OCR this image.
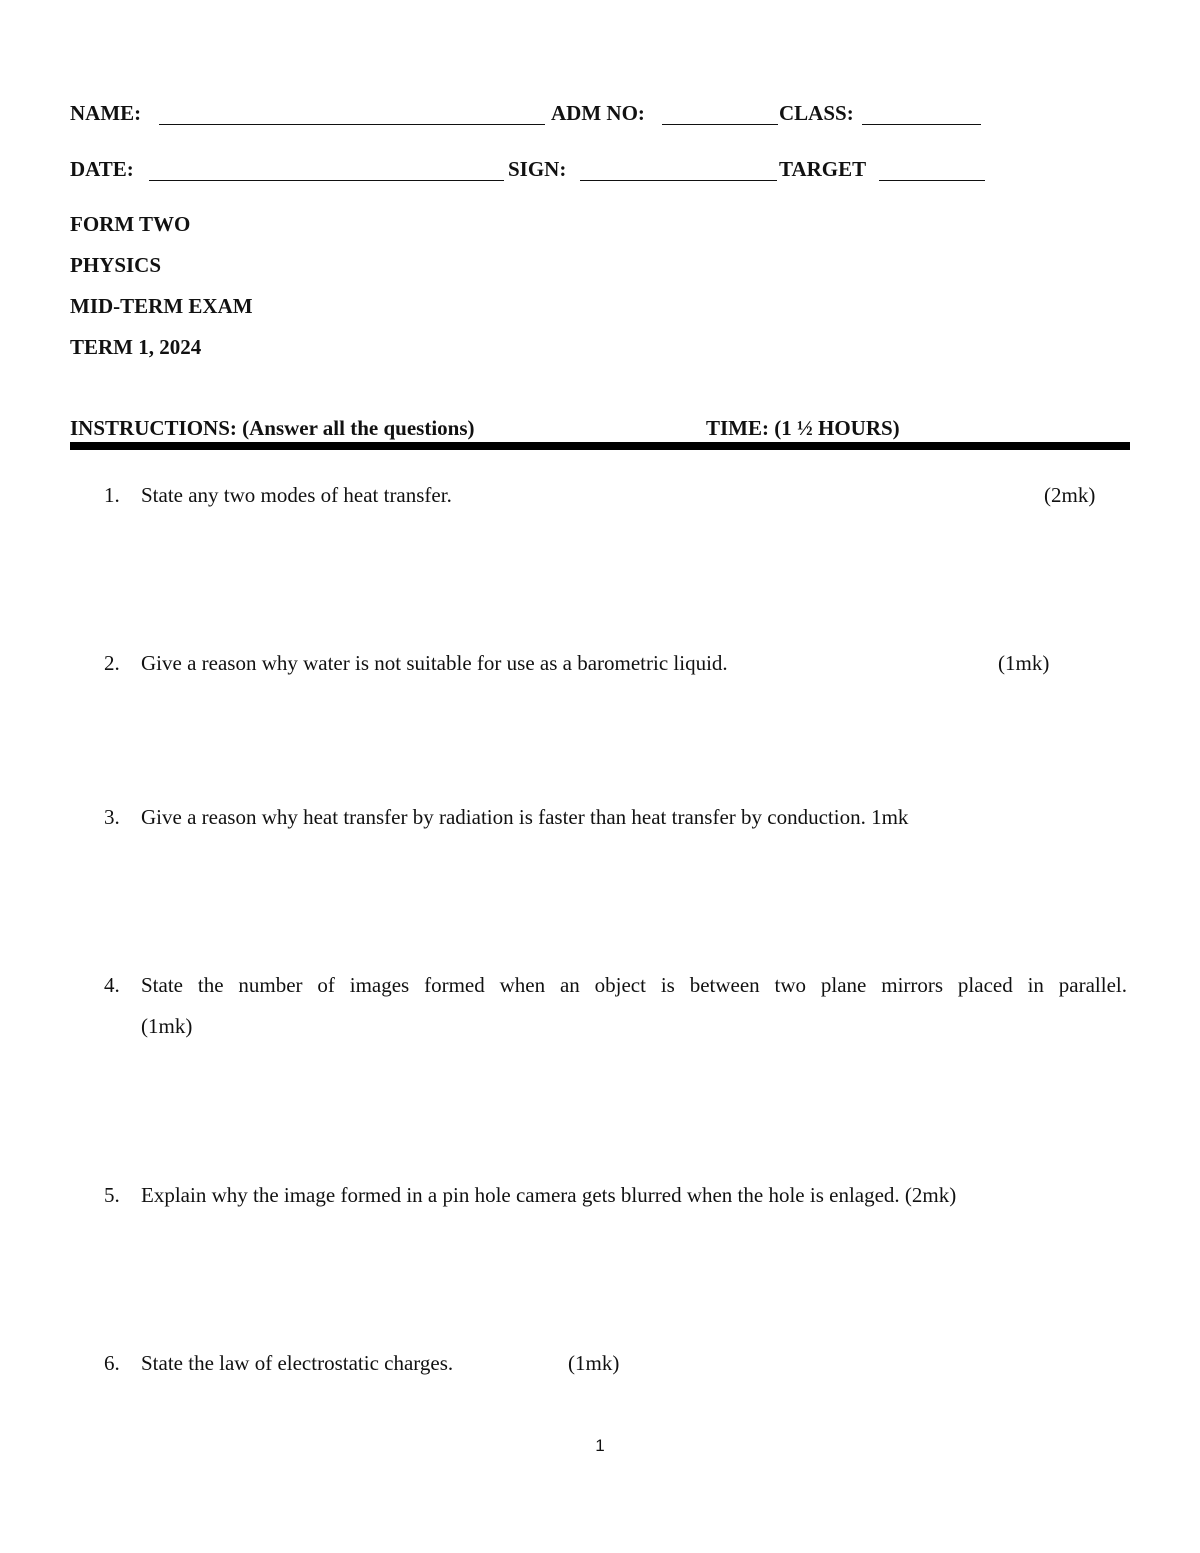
NAME:	ADM NO:	CLASS:
DATE:	SIGN:	TARGET
FORM TWO
PHYSICS
MID-TERM EXAM
TERM 1, 2024
INSTRUCTIONS: (Answer all the questions)	TIME: (1 ½ HOURS)
1. State any two modes of heat transfer.	(2mk)
2. Give a reason why water is not suitable for use as a barometric liquid.	(1mk)
3. Give a reason why heat transfer by radiation is faster than heat transfer by conduction. 1mk
4. State the number of images formed when an object is between two plane mirrors placed in parallel.
(1mk)
5. Explain why the image formed in a pin hole camera gets blurred when the hole is enlaged. (2mk)
6. State the law of electrostatic charges.	(1mk)
1
